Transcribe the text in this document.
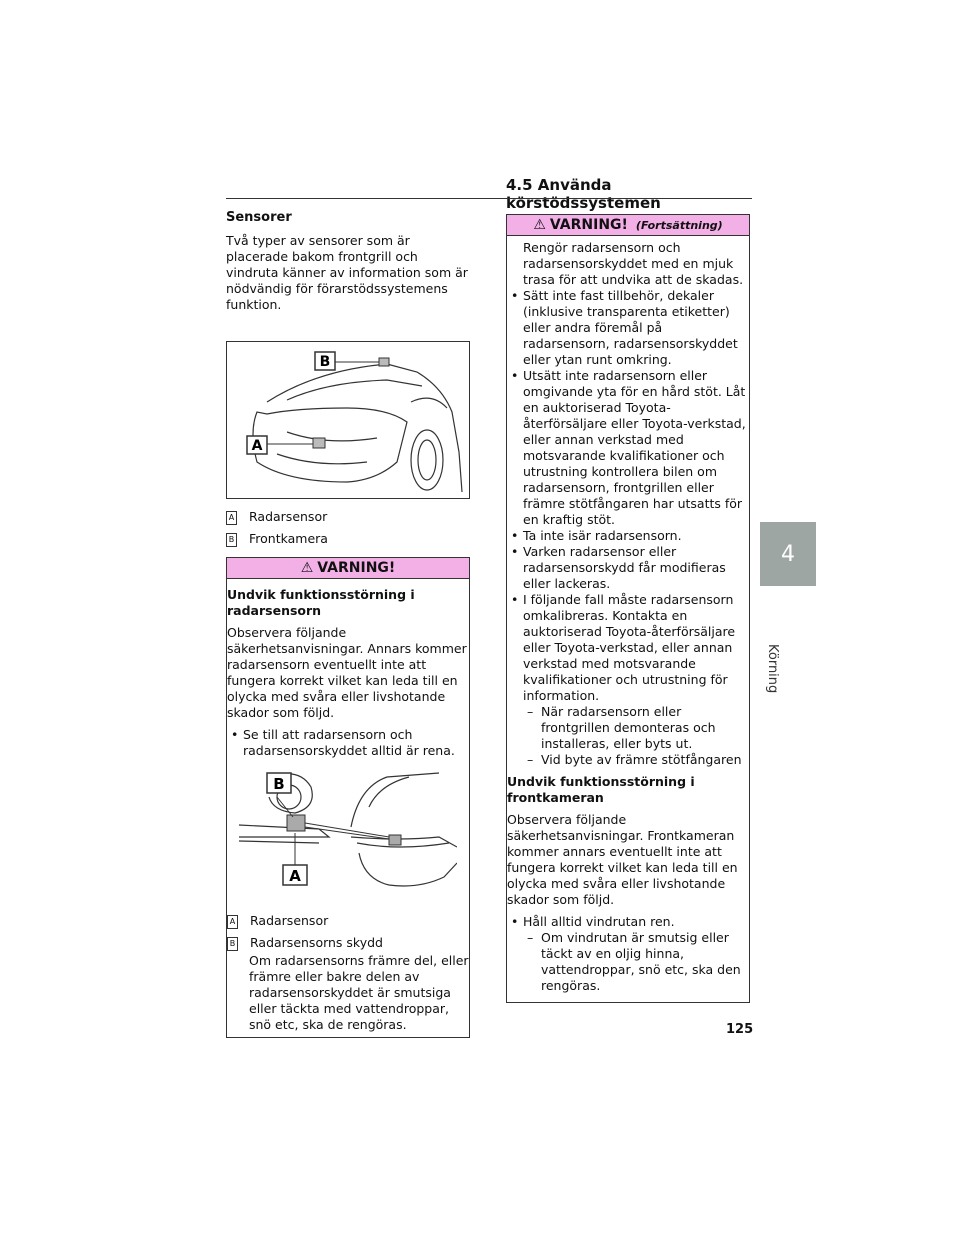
4.5 Använda körstödssystemen
4
Körning
Sensorer

Två typer av sensorer som är placerade bakom frontgrill och vindruta känner av information som är nödvändig för förarstödssystemens funktion.

B
A
A Radarsensor
B Frontkamera
⚠ VARNING!
Undvik funktionsstörning i radarsensorn

Observera följande säkerhetsanvisningar. Annars kommer radarsensorn eventuellt inte att fungera korrekt vilket kan leda till en olycka med svåra eller livshotande skador som följd.

• Se till att radarsensorn och radarsensorskyddet alltid är rena.
B
A
A Radarsensor
B Radarsensorns skydd
Om radarsensorns främre del, eller främre eller bakre delen av radarsensorskyddet är smutsiga eller täckta med vattendroppar, snö etc, ska de rengöras.
⚠ VARNING! (Fortsättning)
Rengör radarsensorn och radarsensorskyddet med en mjuk trasa för att undvika att de skadas.
• Sätt inte fast tillbehör, dekaler (inklusive transparenta etiketter) eller andra föremål på radarsensorn, radarsensorskyddet eller ytan runt omkring.
• Utsätt inte radarsensorn eller omgivande yta för en hård stöt. Låt en auktoriserad Toyota-återförsäljare eller Toyota-verkstad, eller annan verkstad med motsvarande kvalifikationer och utrustning kontrollera bilen om radarsensorn, frontgrillen eller främre stötfångaren har utsatts för en kraftig stöt.
• Ta inte isär radarsensorn.
• Varken radarsensor eller radarsensorskydd får modifieras eller lackeras.
• I följande fall måste radarsensorn omkalibreras. Kontakta en auktoriserad Toyota-återförsäljare eller Toyota-verkstad, eller annan verkstad med motsvarande kvalifikationer och utrustning för information.
– När radarsensorn eller frontgrillen demonteras och installeras, eller byts ut.
– Vid byte av främre stötfångaren
Undvik funktionsstörning i frontkameran

Observera följande säkerhetsanvisningar. Frontkameran kommer annars eventuellt inte att fungera korrekt vilket kan leda till en olycka med svåra eller livshotande skador som följd.

• Håll alltid vindrutan ren.
– Om vindrutan är smutsig eller täckt av en oljig hinna, vattendroppar, snö etc, ska den rengöras.
125
